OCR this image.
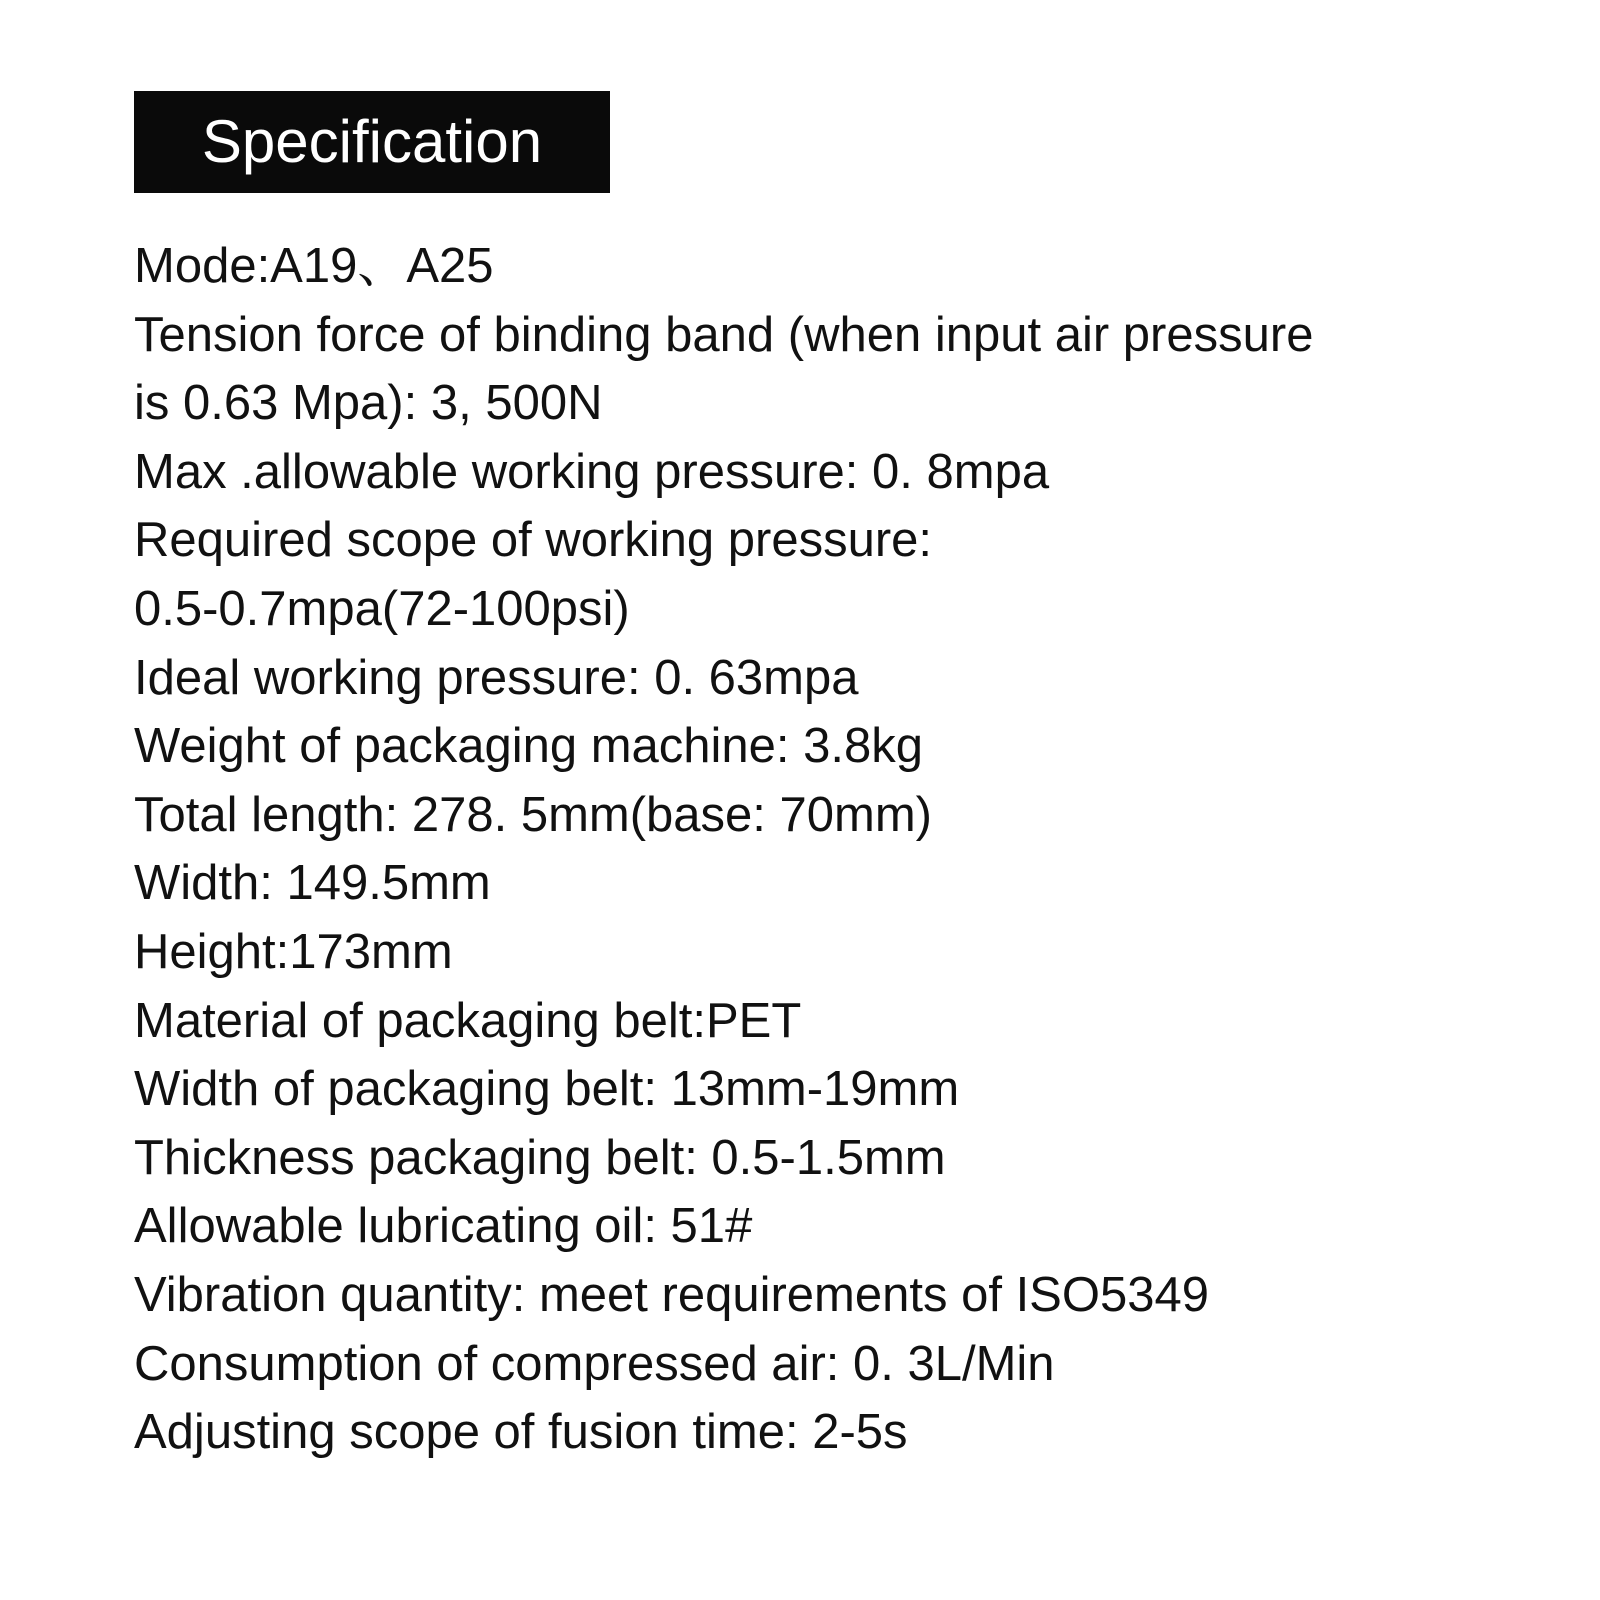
Specification
Mode:A19、A25
Tension force of binding band (when input air pressure
is 0.63 Mpa): 3, 500N
Max .allowable working pressure: 0. 8mpa
Required scope of working pressure:
0.5-0.7mpa(72-100psi)
Ideal working pressure: 0. 63mpa
Weight of packaging machine: 3.8kg
Total length: 278. 5mm(base: 70mm)
Width: 149.5mm
Height:173mm
Material of packaging belt:PET
Width of packaging belt: 13mm-19mm
Thickness packaging belt: 0.5-1.5mm
Allowable lubricating oil: 51#
Vibration quantity: meet requirements of ISO5349
Consumption of compressed air: 0. 3L/Min
Adjusting scope of fusion time: 2-5s
